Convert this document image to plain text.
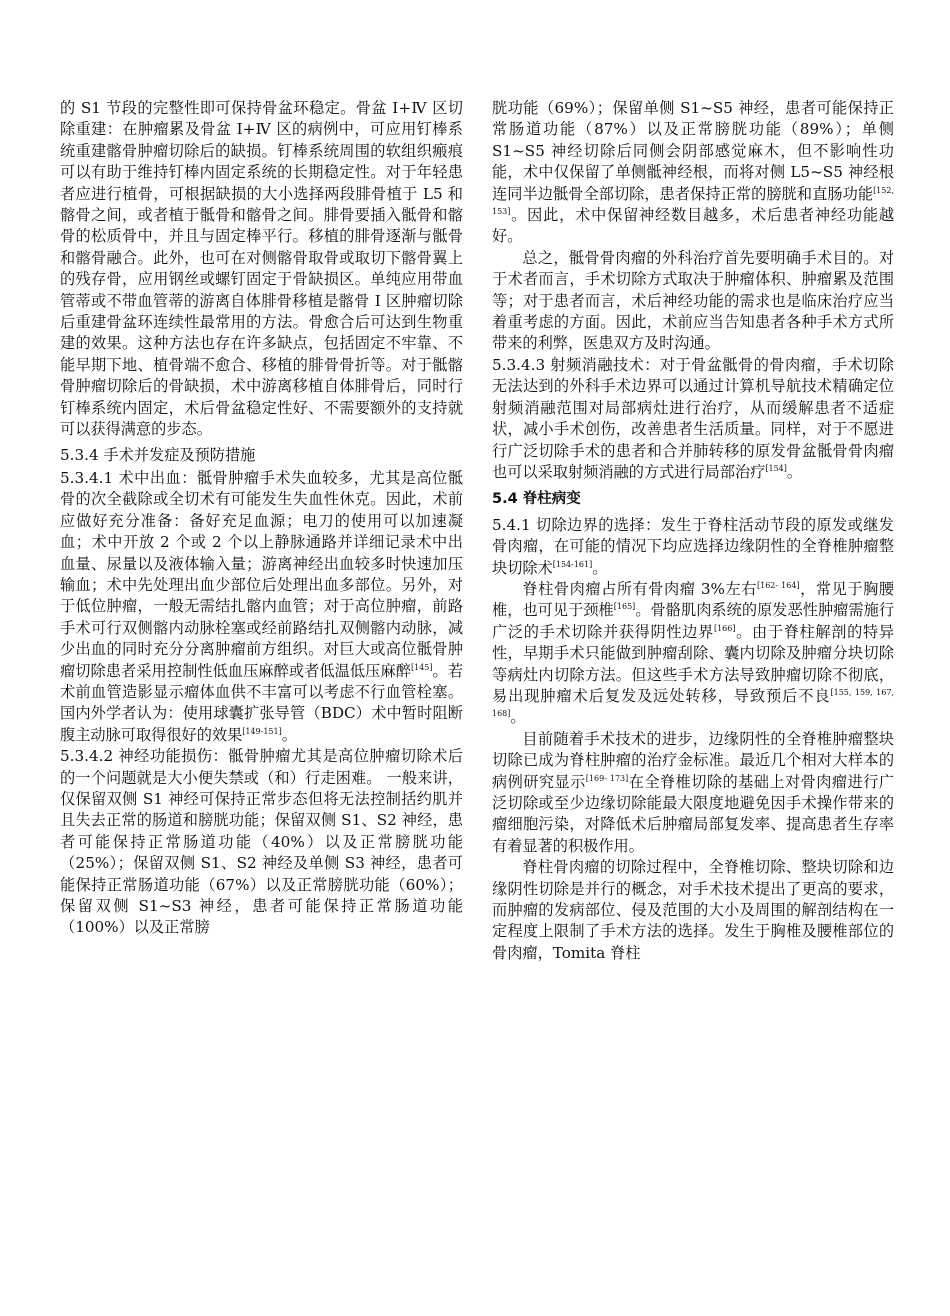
的 S1 节段的完整性即可保持骨盆环稳定。骨盆 I+Ⅳ 区切除重建：在肿瘤累及骨盆 I+Ⅳ 区的病例中，可应用钉棒系统重建髂骨肿瘤切除后的缺损。钉棒系统周围的软组织瘢痕可以有助于维持钉棒内固定系统的长期稳定性。对于年轻患者应进行植骨，可根据缺损的大小选择两段腓骨植于 L5 和髂骨之间，或者植于骶骨和髂骨之间。腓骨要插入骶骨和髂骨的松质骨中，并且与固定棒平行。移植的腓骨逐渐与骶骨和髂骨融合。此外，也可在对侧髂骨取骨或取切下髂骨翼上的残存骨，应用钢丝或螺钉固定于骨缺损区。单纯应用带血管蒂或不带血管蒂的游离自体腓骨移植是髂骨 I 区肿瘤切除后重建骨盆环连续性最常用的方法。骨愈合后可达到生物重建的效果。这种方法也存在许多缺点，包括固定不牢靠、不能早期下地、植骨端不愈合、移植的腓骨骨折等。对于骶髂骨肿瘤切除后的骨缺损，术中游离移植自体腓骨后，同时行钉棒系统内固定，术后骨盆稳定性好、不需要额外的支持就可以获得满意的步态。

5.3.4 手术并发症及预防措施

5.3.4.1 术中出血：骶骨肿瘤手术失血较多，尤其是高位骶骨的次全截除或全切术有可能发生失血性休克。因此，术前应做好充分准备：备好充足血源；电刀的使用可以加速凝血；术中开放 2 个或 2 个以上静脉通路并详细记录术中出血量、尿量以及液体输入量；游离神经出血较多时快速加压输血；术中先处理出血少部位后处理出血多部位。另外，对于低位肿瘤，一般无需结扎髂内血管；对于高位肿瘤，前路手术可行双侧髂内动脉栓塞或经前路结扎双侧髂内动脉，减少出血的同时充分分离肿瘤前方组织。对巨大或高位骶骨肿瘤切除患者采用控制性低血压麻醉或者低温低压麻醉[145]。若术前血管造影显示瘤体血供不丰富可以考虑不行血管栓塞。国内外学者认为：使用球囊扩张导管（BDC）术中暂时阻断腹主动脉可取得很好的效果[149-151]。

5.3.4.2 神经功能损伤：骶骨肿瘤尤其是高位肿瘤切除术后的一个问题就是大小便失禁或（和）行走困难。 一般来讲，仅保留双侧 S1 神经可保持正常步态但将无法控制括约肌并且失去正常的肠道和膀胱功能；保留双侧 S1、S2 神经，患者可能保持正常肠道功能（40%）以及正常膀胱功能（25%）；保留双侧 S1、S2 神经及单侧 S3 神经，患者可能保持正常肠道功能（67%）以及正常膀胱功能（60%）；保留双侧 S1~S3 神经，患者可能保持正常肠道功能（100%）以及正常膀

胱功能（69%）；保留单侧 S1~S5 神经，患者可能保持正常肠道功能（87%）以及正常膀胱功能（89%）；单侧 S1~S5 神经切除后同侧会阴部感觉麻木，但不影响性功能，术中仅保留了单侧骶神经根，而将对侧 L5~S5 神经根连同半边骶骨全部切除，患者保持正常的膀胱和直肠功能[152, 153]。因此，术中保留神经数目越多，术后患者神经功能越好。

总之，骶骨骨肉瘤的外科治疗首先要明确手术目的。对于术者而言，手术切除方式取决于肿瘤体积、肿瘤累及范围等；对于患者而言，术后神经功能的需求也是临床治疗应当着重考虑的方面。因此，术前应当告知患者各种手术方式所带来的利弊，医患双方及时沟通。

5.3.4.3 射频消融技术：对于骨盆骶骨的骨肉瘤，手术切除无法达到的外科手术边界可以通过计算机导航技术精确定位射频消融范围对局部病灶进行治疗，从而缓解患者不适症状，减小手术创伤，改善患者生活质量。同样，对于不愿进行广泛切除手术的患者和合并肺转移的原发骨盆骶骨骨肉瘤也可以采取射频消融的方式进行局部治疗[154]。

5.4 脊柱病变

5.4.1 切除边界的选择：发生于脊柱活动节段的原发或继发骨肉瘤，在可能的情况下均应选择边缘阴性的全脊椎肿瘤整块切除术[154-161]。

脊柱骨肉瘤占所有骨肉瘤 3%左右[162- 164]，常见于胸腰椎，也可见于颈椎[165]。骨骼肌肉系统的原发恶性肿瘤需施行广泛的手术切除并获得阴性边界[166]。由于脊柱解剖的特异性，早期手术只能做到肿瘤刮除、囊内切除及肿瘤分块切除等病灶内切除方法。但这些手术方法导致肿瘤切除不彻底，易出现肿瘤术后复发及远处转移，导致预后不良[155, 159, 167, 168]。

目前随着手术技术的进步，边缘阴性的全脊椎肿瘤整块切除已成为脊柱肿瘤的治疗金标准。最近几个相对大样本的病例研究显示[169- 173]在全脊椎切除的基础上对骨肉瘤进行广泛切除或至少边缘切除能最大限度地避免因手术操作带来的瘤细胞污染，对降低术后肿瘤局部复发率、提高患者生存率有着显著的积极作用。

脊柱骨肉瘤的切除过程中，全脊椎切除、整块切除和边缘阴性切除是并行的概念，对手术技术提出了更高的要求，而肿瘤的发病部位、侵及范围的大小及周围的解剖结构在一定程度上限制了手术方法的选择。发生于胸椎及腰椎部位的骨肉瘤，Tomita 脊柱
